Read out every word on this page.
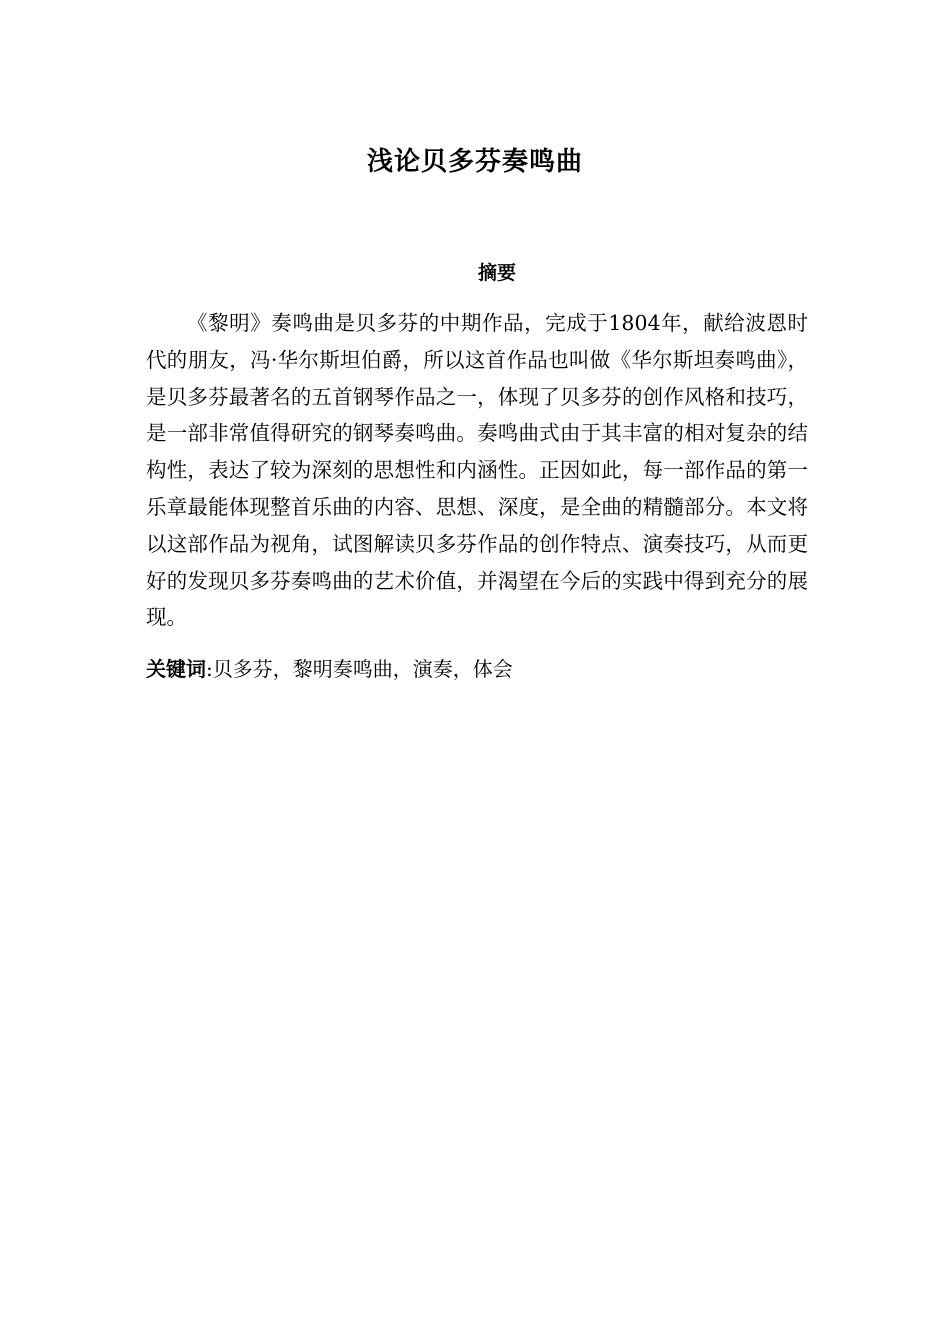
浅论贝多芬奏鸣曲
摘要

《黎明》奏鸣曲是贝多芬的中期作品，完成于1804年，献给波恩时代的朋友，冯·华尔斯坦伯爵，所以这首作品也叫做《华尔斯坦奏鸣曲》，是贝多芬最著名的五首钢琴作品之一，体现了贝多芬的创作风格和技巧，是一部非常值得研究的钢琴奏鸣曲。奏鸣曲式由于其丰富的相对复杂的结构性，表达了较为深刻的思想性和内涵性。正因如此，每一部作品的第一乐章最能体现整首乐曲的内容、思想、深度，是全曲的精髓部分。本文将以这部作品为视角，试图解读贝多芬作品的创作特点、演奏技巧，从而更好的发现贝多芬奏鸣曲的艺术价值，并渴望在今后的实践中得到充分的展现。

关键词:贝多芬，黎明奏鸣曲，演奏，体会
